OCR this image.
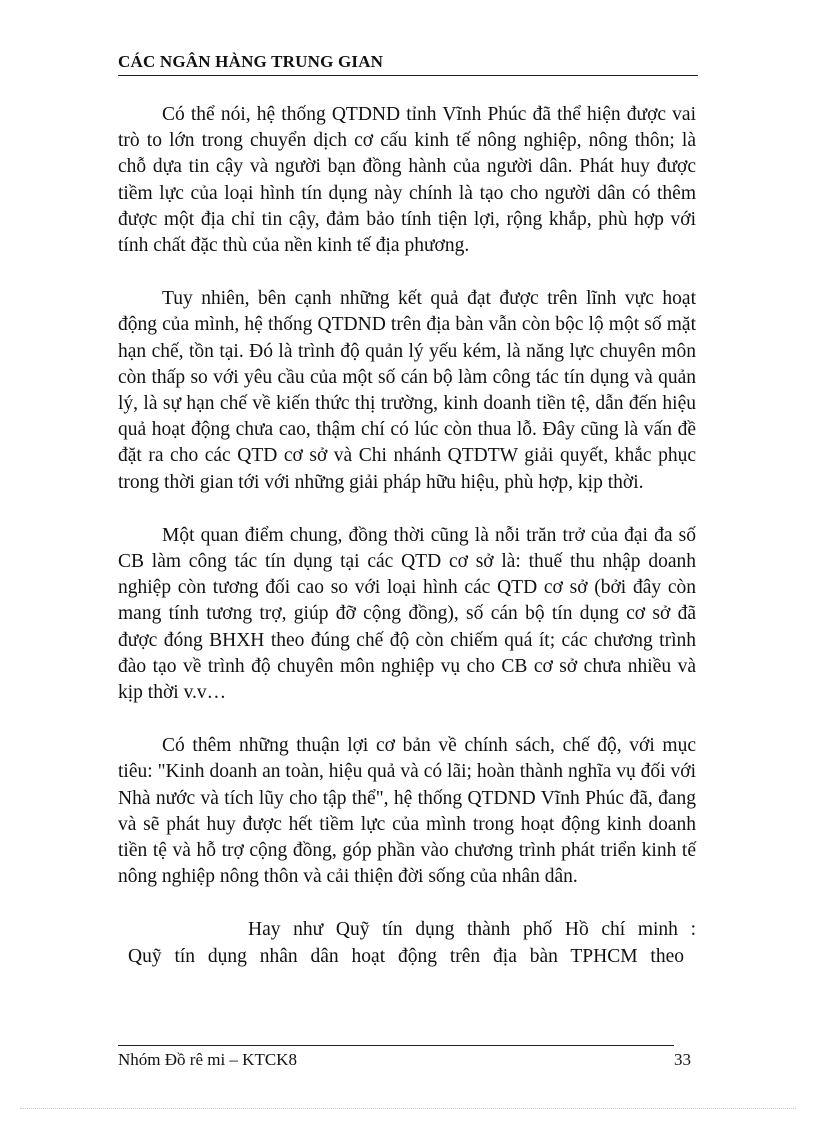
CÁC NGÂN HÀNG TRUNG GIAN

Có thể nói, hệ thống QTDND tỉnh Vĩnh Phúc đã thể hiện được vai trò to lớn trong chuyển dịch cơ cấu kinh tế nông nghiệp, nông thôn; là chỗ dựa tin cậy và người bạn đồng hành của người dân. Phát huy được tiềm lực của loại hình tín dụng này chính là tạo cho người dân có thêm được một địa chỉ tin cậy, đảm bảo tính tiện lợi, rộng khắp, phù hợp với tính chất đặc thù của nền kinh tế địa phương.

Tuy nhiên, bên cạnh những kết quả đạt được trên lĩnh vực hoạt động của mình, hệ thống QTDND trên địa bàn vẫn còn bộc lộ một số mặt hạn chế, tồn tại. Đó là trình độ quản lý yếu kém, là năng lực chuyên môn còn thấp so với yêu cầu của một số cán bộ làm công tác tín dụng và quản lý, là sự hạn chế về kiến thức thị trường, kinh doanh tiền tệ, dẫn đến hiệu quả hoạt động chưa cao, thậm chí có lúc còn thua lỗ. Đây cũng là vấn đề đặt ra cho các QTD cơ sở và Chi nhánh QTDTW giải quyết, khắc phục trong thời gian tới với những giải pháp hữu hiệu, phù hợp, kịp thời.

Một quan điểm chung, đồng thời cũng là nỗi trăn trở của đại đa số CB làm công tác tín dụng tại các QTD cơ sở là: thuế thu nhập doanh nghiệp còn tương đối cao so với loại hình các QTD cơ sở (bởi đây còn mang tính tương trợ, giúp đỡ cộng đồng), số cán bộ tín dụng cơ sở đã được đóng BHXH theo đúng chế độ còn chiếm quá ít; các chương trình đào tạo về trình độ chuyên môn nghiệp vụ cho CB cơ sở chưa nhiều và kịp thời v.v…

Có thêm những thuận lợi cơ bản về chính sách, chế độ, với mục tiêu: "Kinh doanh an toàn, hiệu quả và có lãi; hoàn thành nghĩa vụ đối với Nhà nước và tích lũy cho tập thể", hệ thống QTDND Vĩnh Phúc đã, đang và sẽ phát huy được hết tiềm lực của mình trong hoạt động kinh doanh tiền tệ và hỗ trợ cộng đồng, góp phần vào chương trình phát triển kinh tế nông nghiệp nông thôn và cải thiện đời sống của nhân dân.

Hay như Quỹ tín dụng thành phố Hồ chí minh :
Quỹ tín dụng nhân dân hoạt động trên địa bàn TPHCM theo
Nhóm Đồ rê mi – KTCK8	33
